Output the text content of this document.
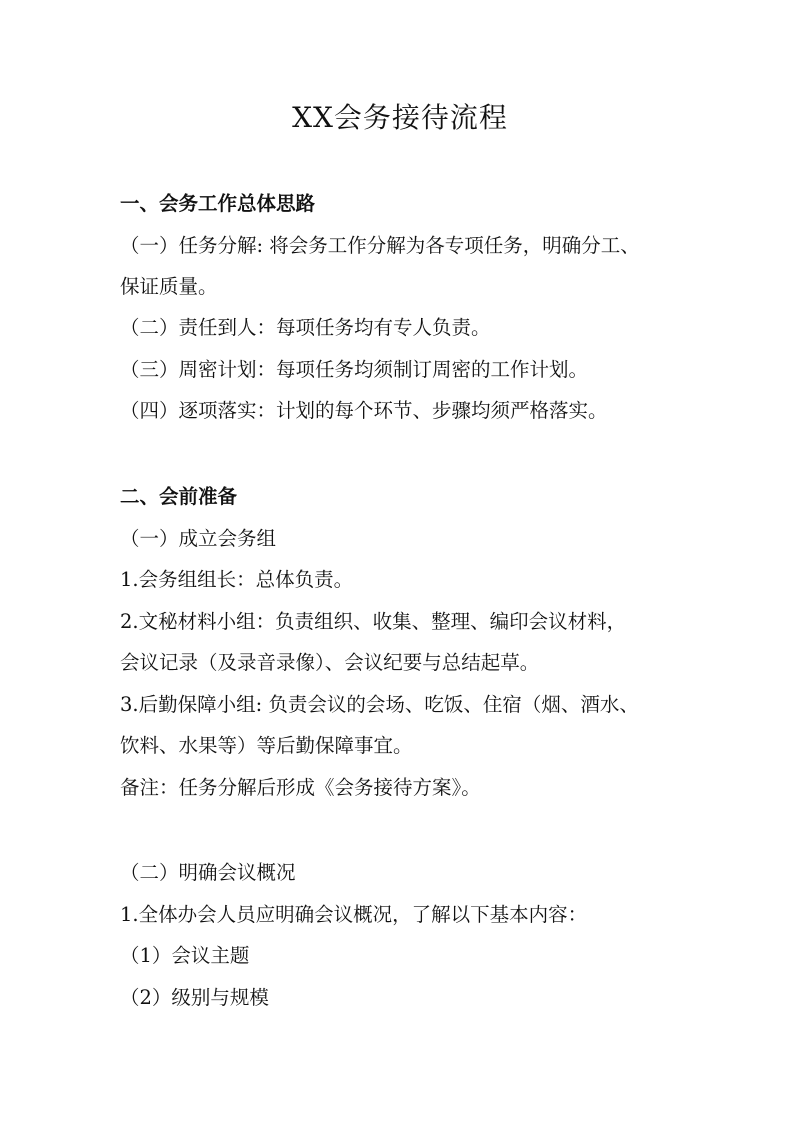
XX会务接待流程
一、会务工作总体思路
（一）任务分解: 将会务工作分解为各专项任务，明确分工、
保证质量。
（二）责任到人：每项任务均有专人负责。
（三）周密计划：每项任务均须制订周密的工作计划。
（四）逐项落实：计划的每个环节、步骤均须严格落实。
二、会前准备
（一）成立会务组
1.会务组组长：总体负责。
2.文秘材料小组：负责组织、收集、整理、编印会议材料，
会议记录（及录音录像）、会议纪要与总结起草。
3.后勤保障小组: 负责会议的会场、吃饭、住宿（烟、酒水、
饮料、水果等）等后勤保障事宜。
备注：任务分解后形成《会务接待方案》。
（二）明确会议概况
1.全体办会人员应明确会议概况，了解以下基本内容：
（1）会议主题
（2）级别与规模
